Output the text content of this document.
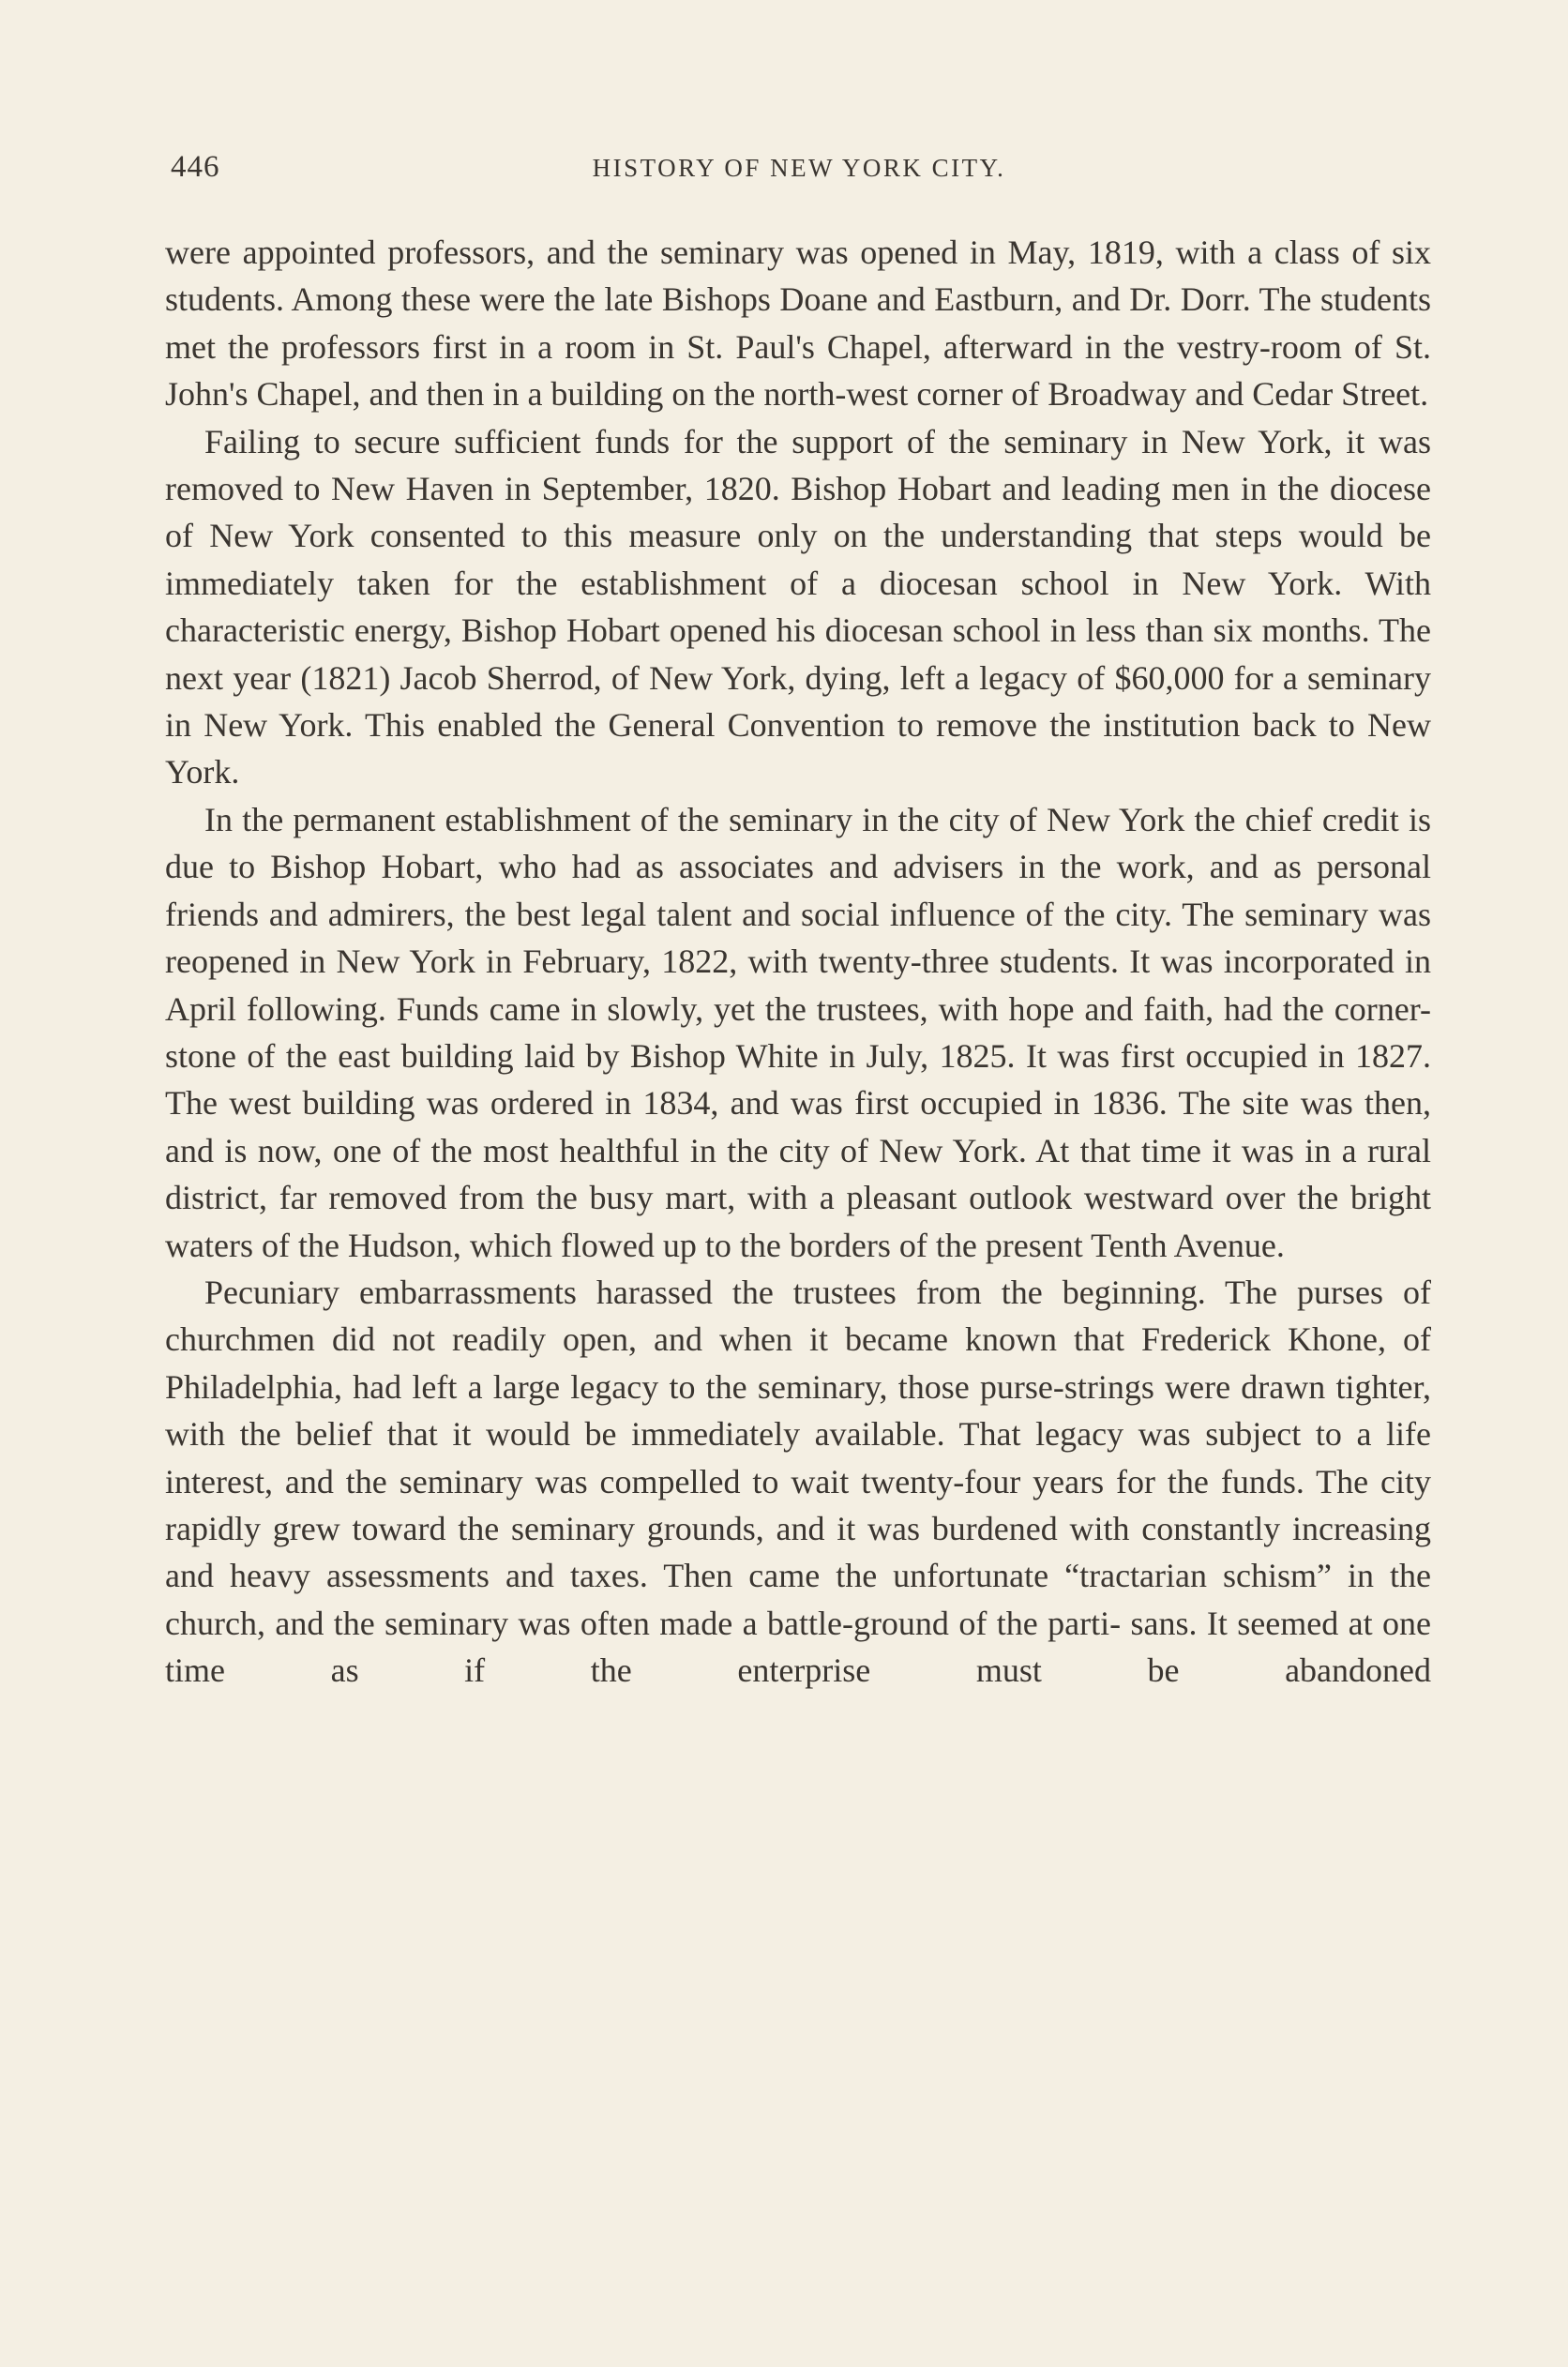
446	HISTORY OF NEW YORK CITY.

were appointed professors, and the seminary was opened in May, 1819, with a class of six students. Among these were the late Bishops Doane and Eastburn, and Dr. Dorr. The students met the professors first in a room in St. Paul's Chapel, afterward in the vestry-room of St. John's Chapel, and then in a building on the north-west corner of Broadway and Cedar Street.

Failing to secure sufficient funds for the support of the seminary in New York, it was removed to New Haven in September, 1820. Bishop Hobart and leading men in the diocese of New York consented to this measure only on the understanding that steps would be immediately taken for the establishment of a diocesan school in New York. With characteristic energy, Bishop Hobart opened his diocesan school in less than six months. The next year (1821) Jacob Sherrod, of New York, dying, left a legacy of $60,000 for a seminary in New York. This enabled the General Convention to remove the institution back to New York.

In the permanent establishment of the seminary in the city of New York the chief credit is due to Bishop Hobart, who had as associates and advisers in the work, and as personal friends and admirers, the best legal talent and social influence of the city. The seminary was reopened in New York in February, 1822, with twenty-three students. It was incorporated in April following. Funds came in slowly, yet the trustees, with hope and faith, had the corner-stone of the east building laid by Bishop White in July, 1825. It was first occupied in 1827. The west building was ordered in 1834, and was first occupied in 1836. The site was then, and is now, one of the most healthful in the city of New York. At that time it was in a rural district, far removed from the busy mart, with a pleasant outlook westward over the bright waters of the Hudson, which flowed up to the borders of the present Tenth Avenue.

Pecuniary embarrassments harassed the trustees from the beginning. The purses of churchmen did not readily open, and when it became known that Frederick Khone, of Philadelphia, had left a large legacy to the seminary, those purse-strings were drawn tighter, with the belief that it would be immediately available. That legacy was subject to a life interest, and the seminary was compelled to wait twenty-four years for the funds. The city rapidly grew toward the seminary grounds, and it was burdened with constantly increasing and heavy assessments and taxes. Then came the unfortunate “tractarian schism” in the church, and the seminary was often made a battle-ground of the parti- sans. It seemed at one time as if the enterprise must be abandoned
